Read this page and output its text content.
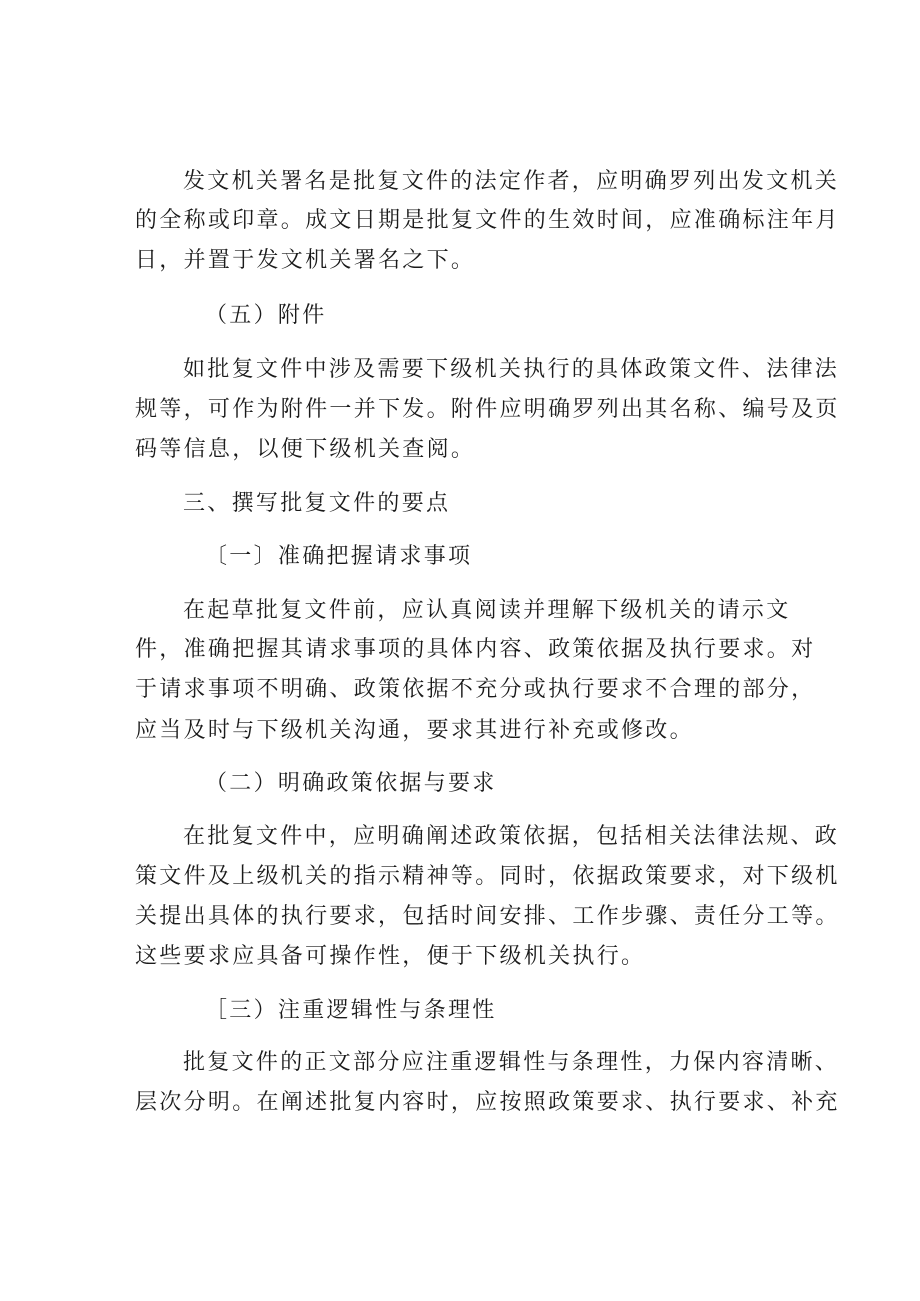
发文机关署名是批复文件的法定作者，应明确罗列出发文机关
的全称或印章。成文日期是批复文件的生效时间，应准确标注年月
日，并置于发文机关署名之下。
（五）附件
如批复文件中涉及需要下级机关执行的具体政策文件、法律法
规等，可作为附件一并下发。附件应明确罗列出其名称、编号及页
码等信息，以便下级机关查阅。
三、撰写批复文件的要点
〔一〕准确把握请求事项
在起草批复文件前，应认真阅读并理解下级机关的请示文
件，准确把握其请求事项的具体内容、政策依据及执行要求。对
于请求事项不明确、政策依据不充分或执行要求不合理的部分，
应当及时与下级机关沟通，要求其进行补充或修改。
（二）明确政策依据与要求
在批复文件中，应明确阐述政策依据，包括相关法律法规、政
策文件及上级机关的指示精神等。同时，依据政策要求，对下级机
关提出具体的执行要求，包括时间安排、工作步骤、责任分工等。
这些要求应具备可操作性，便于下级机关执行。
［三）注重逻辑性与条理性
批复文件的正文部分应注重逻辑性与条理性，力保内容清晰、
层次分明。在阐述批复内容时，应按照政策要求、执行要求、补充
